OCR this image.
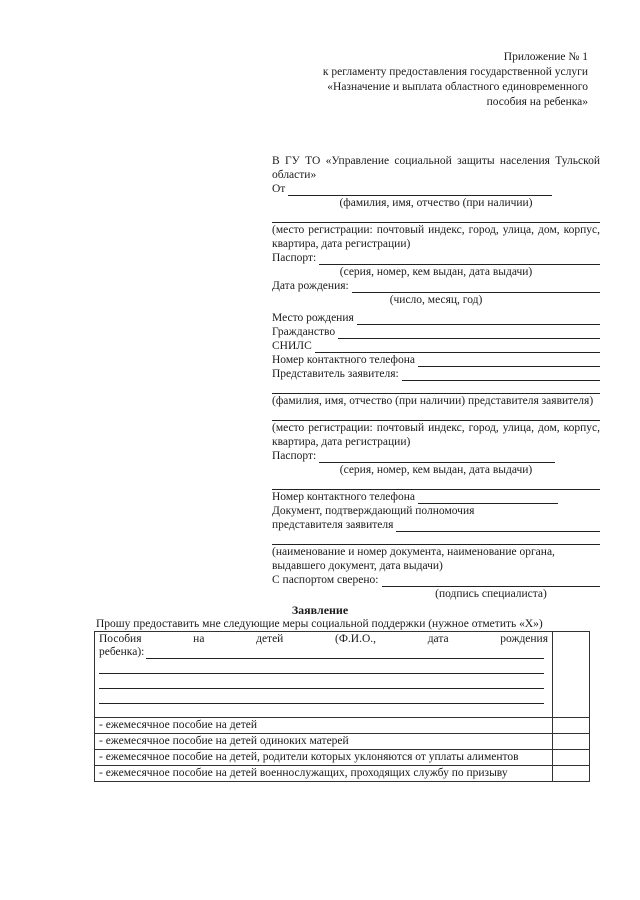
Приложение № 1
к регламенту предоставления государственной услуги
«Назначение и выплата областного единовременного
пособия на ребенка»
В ГУ ТО «Управление социальной защиты населения Тульской области»
От
(фамилия, имя, отчество (при наличии)
(место регистрации: почтовый индекс, город, улица, дом, корпус, квартира, дата регистрации)
Паспорт:
(серия, номер, кем выдан, дата выдачи)
Дата рождения:
(число, месяц, год)
Место рождения
Гражданство
СНИЛС
Номер контактного телефона
Представитель заявителя:
(фамилия, имя, отчество (при наличии) представителя заявителя)
(место регистрации: почтовый индекс, город, улица, дом, корпус, квартира, дата регистрации)
Паспорт:
(серия, номер, кем выдан, дата выдачи)
Номер контактного телефона
Документ, подтверждающий полномочия
представителя заявителя
(наименование и номер документа, наименование органа, выдавшего документ, дата выдачи)
С паспортом сверено:
(подпись специалиста)
Заявление
Прошу предоставить мне следующие меры социальной поддержки (нужное отметить «Х»)
Пособия на детей (Ф.И.О., дата рождения
ребенка):	

- ежемесячное пособие на детей	
- ежемесячное пособие на детей одиноких матерей	
- ежемесячное пособие на детей, родители которых уклоняются от уплаты алиментов	
- ежемесячное пособие на детей военнослужащих, проходящих службу по призыву	
